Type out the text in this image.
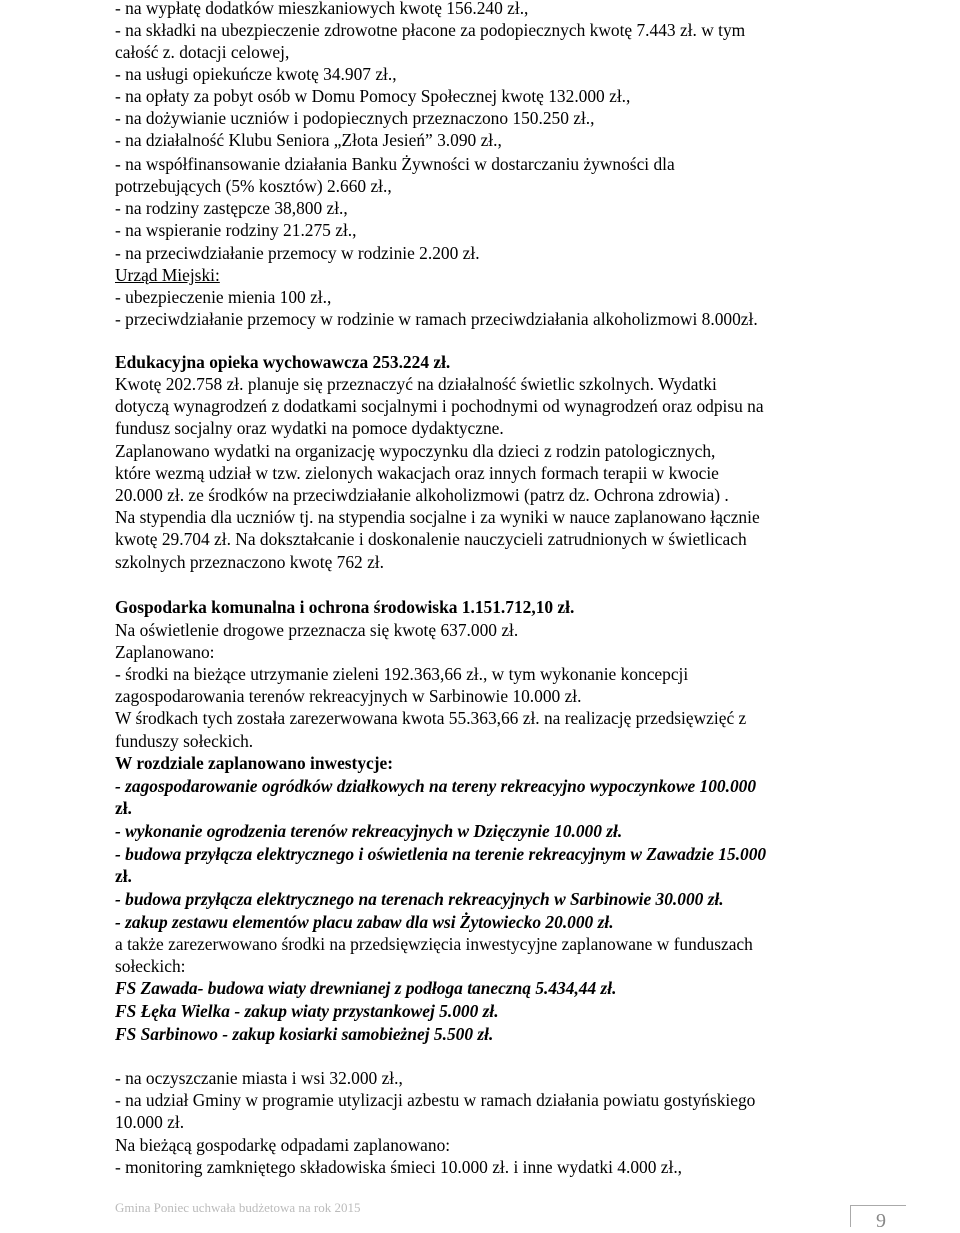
- na wypłatę dodatków mieszkaniowych kwotę 156.240 zł.,
- na składki na ubezpieczenie zdrowotne płacone za podopiecznych kwotę 7.443 zł. w tym
całość z. dotacji celowej,
- na usługi opiekuńcze kwotę 34.907 zł.,
- na opłaty za pobyt osób w Domu Pomocy Społecznej kwotę 132.000 zł.,
- na dożywianie uczniów i podopiecznych przeznaczono 150.250 zł.,
- na działalność Klubu Seniora „Złota Jesień” 3.090 zł.,
- na współfinansowanie działania Banku Żywności w dostarczaniu żywności dla
potrzebujących (5% kosztów) 2.660 zł.,
- na rodziny zastępcze 38,800 zł.,
- na wspieranie rodziny 21.275 zł.,
- na przeciwdziałanie przemocy w rodzinie 2.200 zł.
Urząd Miejski:
- ubezpieczenie mienia 100 zł.,
- przeciwdziałanie przemocy w rodzinie w ramach przeciwdziałania alkoholizmowi 8.000zł.
Edukacyjna opieka wychowawcza 253.224 zł.
Kwotę 202.758 zł. planuje się przeznaczyć na działalność świetlic szkolnych. Wydatki
dotyczą wynagrodzeń z dodatkami socjalnymi i pochodnymi od wynagrodzeń oraz odpisu na
fundusz socjalny oraz wydatki na pomoce dydaktyczne.
Zaplanowano wydatki na organizację wypoczynku dla dzieci z rodzin patologicznych,
które wezmą udział w tzw. zielonych wakacjach oraz innych formach terapii w kwocie
20.000 zł. ze środków na przeciwdziałanie alkoholizmowi (patrz dz. Ochrona zdrowia) .
Na stypendia dla uczniów tj. na stypendia socjalne i za wyniki w nauce zaplanowano łącznie
kwotę 29.704 zł. Na dokształcanie i doskonalenie nauczycieli zatrudnionych w świetlicach
szkolnych przeznaczono kwotę 762 zł.
Gospodarka komunalna i ochrona środowiska 1.151.712,10 zł.
Na oświetlenie drogowe przeznacza się kwotę 637.000 zł.
Zaplanowano:
- środki na bieżące utrzymanie zieleni 192.363,66 zł., w tym wykonanie koncepcji
zagospodarowania terenów rekreacyjnych w Sarbinowie 10.000 zł.
W środkach tych została zarezerwowana kwota 55.363,66 zł. na realizację przedsięwzięć z
funduszy sołeckich.
W rozdziale zaplanowano inwestycje:
- zagospodarowanie ogródków działkowych na tereny rekreacyjno wypoczynkowe 100.000
zł.
- wykonanie ogrodzenia terenów rekreacyjnych w Dzięczynie 10.000 zł.
- budowa przyłącza elektrycznego i oświetlenia na terenie rekreacyjnym w Zawadzie 15.000
zł.
- budowa przyłącza elektrycznego na terenach rekreacyjnych w Sarbinowie 30.000 zł.
- zakup zestawu elementów placu zabaw dla wsi Żytowiecko 20.000 zł.
a także zarezerwowano środki na przedsięwzięcia inwestycyjne zaplanowane w funduszach
sołeckich:
FS Zawada- budowa wiaty drewnianej z podłoga taneczną 5.434,44 zł.
FS Łęka Wielka - zakup wiaty przystankowej 5.000 zł.
FS Sarbinowo - zakup kosiarki samobieżnej 5.500 zł.
- na oczyszczanie miasta i wsi 32.000 zł.,
- na udział Gminy w programie utylizacji azbestu w ramach działania powiatu gostyńskiego
10.000 zł.
Na bieżącą gospodarkę odpadami zaplanowano:
- monitoring zamkniętego składowiska śmieci 10.000 zł. i inne wydatki 4.000 zł.,
Gmina Poniec uchwała budżetowa na rok 2015
9
